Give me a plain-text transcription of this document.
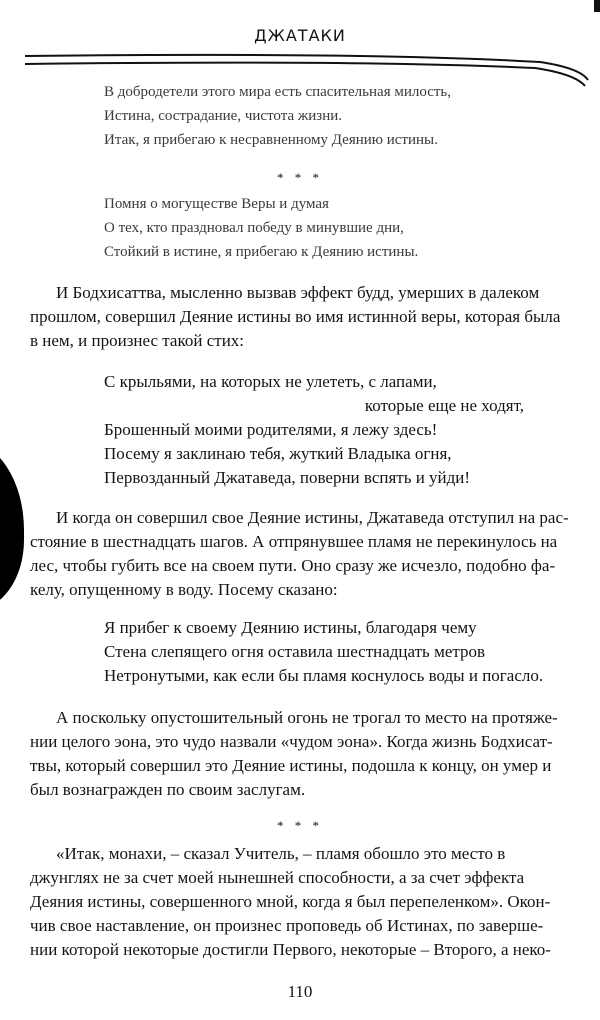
ДЖАТАКИ
В добродетели этого мира есть спасительная милость,
Истина, сострадание, чистота жизни.
Итак, я прибегаю к несравненному Деянию истины.
* * *
Помня о могуществе Веры и думая
О тех, кто праздновал победу в минувшие дни,
Стойкий в истине, я прибегаю к Деянию истины.
И Бодхисаттва, мысленно вызвав эффект будд, умерших в далеком
прошлом, совершил Деяние истины во имя истинной веры, которая была
в нем, и произнес такой стих:
С крыльями, на которых не улететь, с лапами,
которые еще не ходят,
Брошенный моими родителями, я лежу здесь!
Посему я заклинаю тебя, жуткий Владыка огня,
Первозданный Джатаведа, поверни вспять и уйди!
И когда он совершил свое Деяние истины, Джатаведа отступил на рас-
стояние в шестнадцать шагов. А отпрянувшее пламя не перекинулось на
лес, чтобы губить все на своем пути. Оно сразу же исчезло, подобно фа-
келу, опущенному в воду. Посему сказано:
Я прибег к своему Деянию истины, благодаря чему
Стена слепящего огня оставила шестнадцать метров
Нетронутыми, как если бы пламя коснулось воды и погасло.
А поскольку опустошительный огонь не трогал то место на протяже-
нии целого эона, это чудо назвали «чудом эона». Когда жизнь Бодхисат-
твы, который совершил это Деяние истины, подошла к концу, он умер и
был вознагражден по своим заслугам.
* * *
«Итак, монахи, – сказал Учитель, – пламя обошло это место в
джунглях не за счет моей нынешней способности, а за счет эффекта
Деяния истины, совершенного мной, когда я был перепеленком». Окон-
чив свое наставление, он произнес проповедь об Истинах, по заверше-
нии которой некоторые достигли Первого, некоторые – Второго, а неко-
110
